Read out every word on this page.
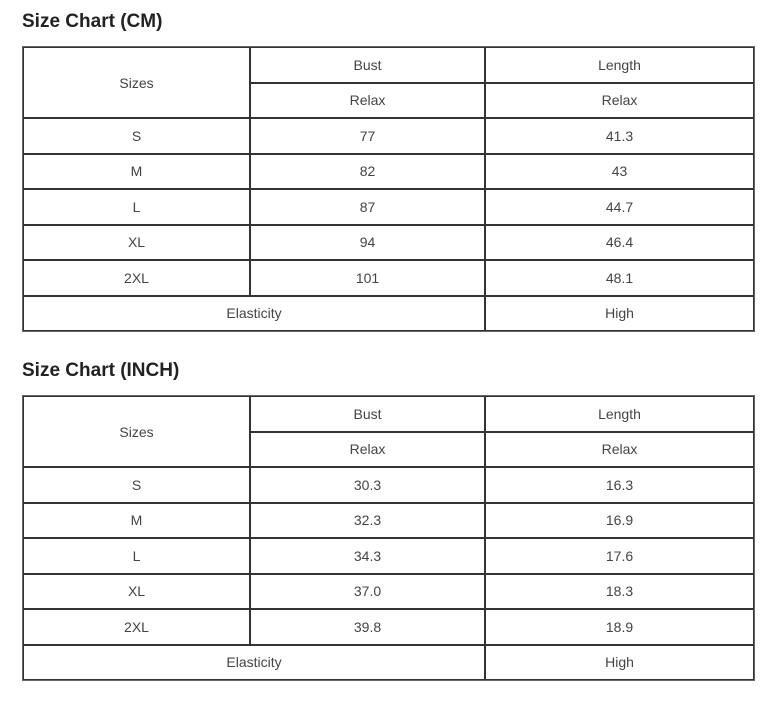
Size Chart (CM)
Sizes	Bust	Length
	Relax	Relax
S	77	41.3
M	82	43
L	87	44.7
XL	94	46.4
2XL	101	48.1
Elasticity		High
Size Chart (INCH)
Sizes	Bust	Length
	Relax	Relax
S	30.3	16.3
M	32.3	16.9
L	34.3	17.6
XL	37.0	18.3
2XL	39.8	18.9
Elasticity		High
